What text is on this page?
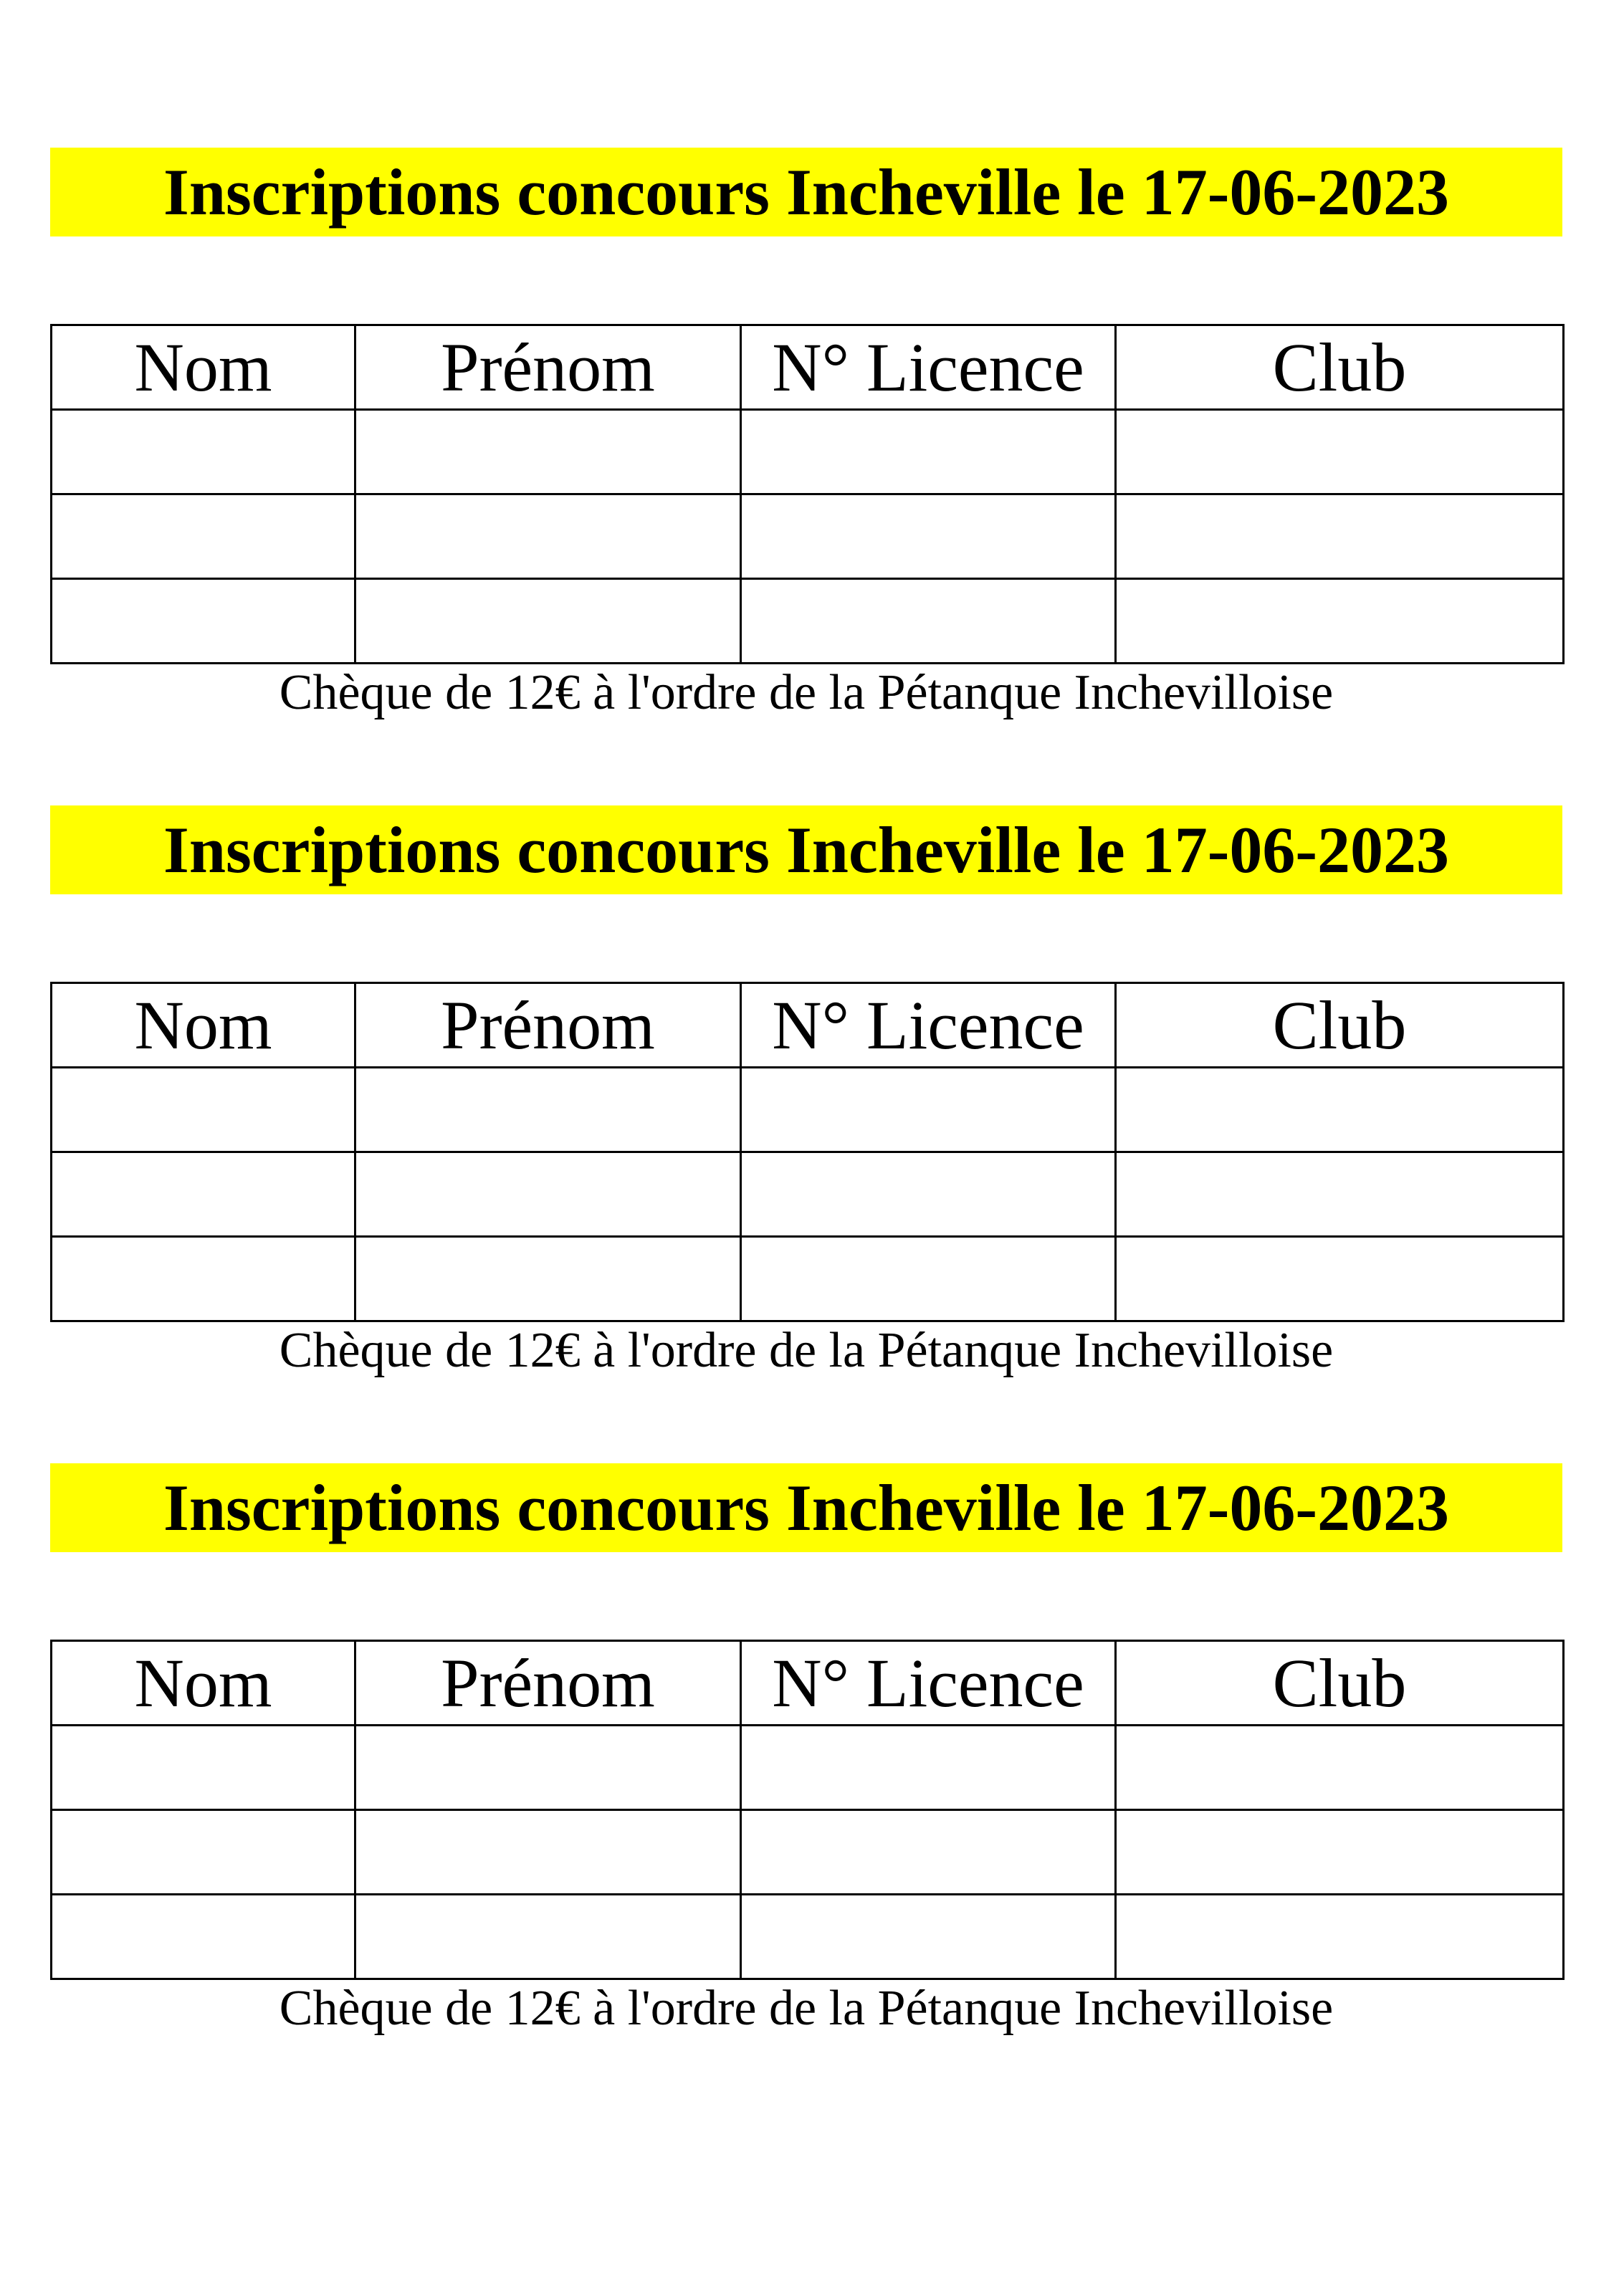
Inscriptions concours Incheville le 17-06-2023
Nom	Prénom	N° Licence	Club

Chèque de 12€ à l'ordre de la Pétanque Inchevilloise
Inscriptions concours Incheville le 17-06-2023
Nom	Prénom	N° Licence	Club

Chèque de 12€ à l'ordre de la Pétanque Inchevilloise
Inscriptions concours Incheville le 17-06-2023
Nom	Prénom	N° Licence	Club

Chèque de 12€ à l'ordre de la Pétanque Inchevilloise
